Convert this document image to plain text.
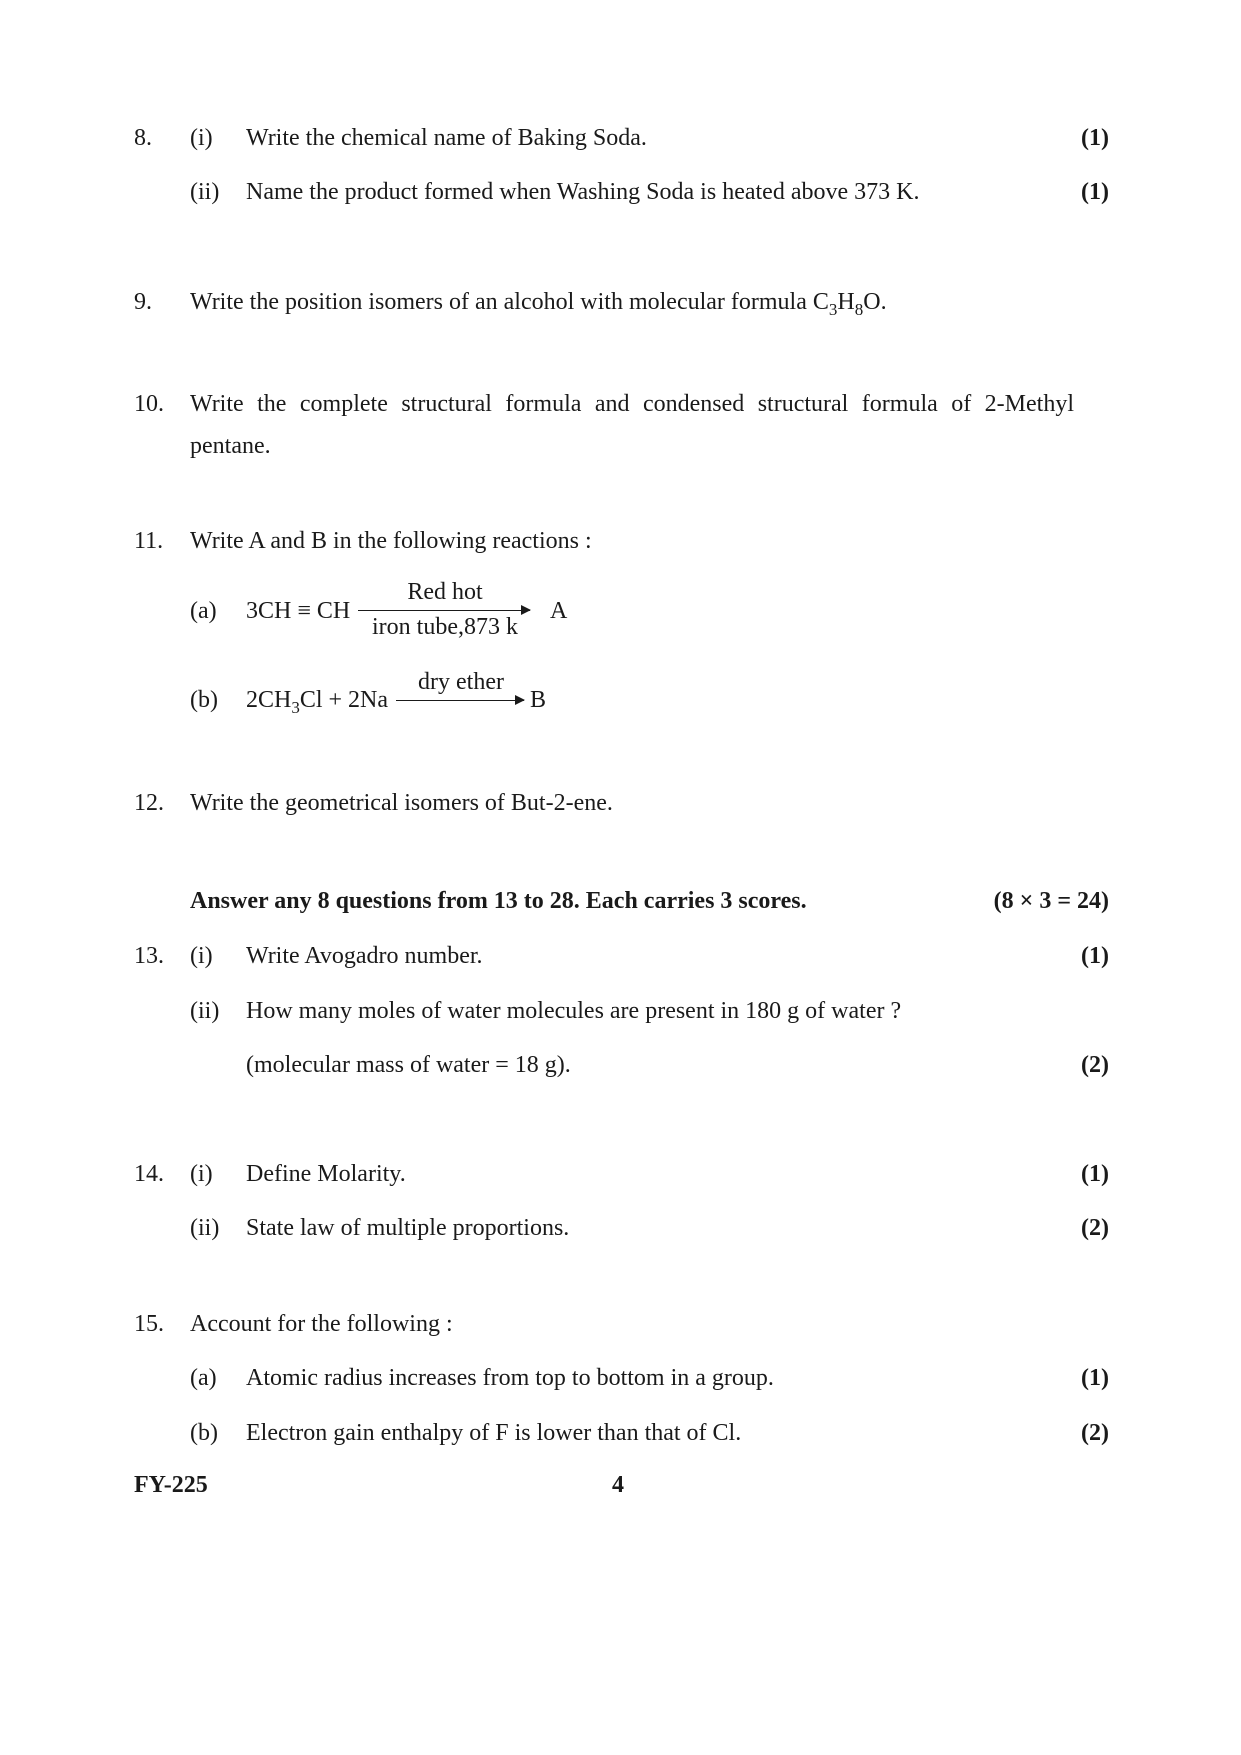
8. (i) Write the chemical name of Baking Soda.	(1)
(ii) Name the product formed when Washing Soda is heated above 373 K.	(1)
9. Write the position isomers of an alcohol with molecular formula $C_3H_8O$.
10. Write the complete structural formula and condensed structural formula of 2-Methyl
pentane.
11. Write A and B in the following reactions :
(a) 3CH ≡ CH
Red hot
iron tube,873 k
A
(b) $2CH_3Cl + 2Na$
dry ether
B
12. Write the geometrical isomers of But-2-ene.
Answer any 8 questions from 13 to 28. Each carries 3 scores.	(8 × 3 = 24)
13. (i) Write Avogadro number.	(1)
(ii) How many moles of water molecules are present in 180 g of water ?
(molecular mass of water = 18 g).	(2)
14. (i) Define Molarity.	(1)
(ii) State law of multiple proportions.	(2)
15. Account for the following :
(a) Atomic radius increases from top to bottom in a group.	(1)
(b) Electron gain enthalpy of F is lower than that of Cl.	(2)
FY-225	4
